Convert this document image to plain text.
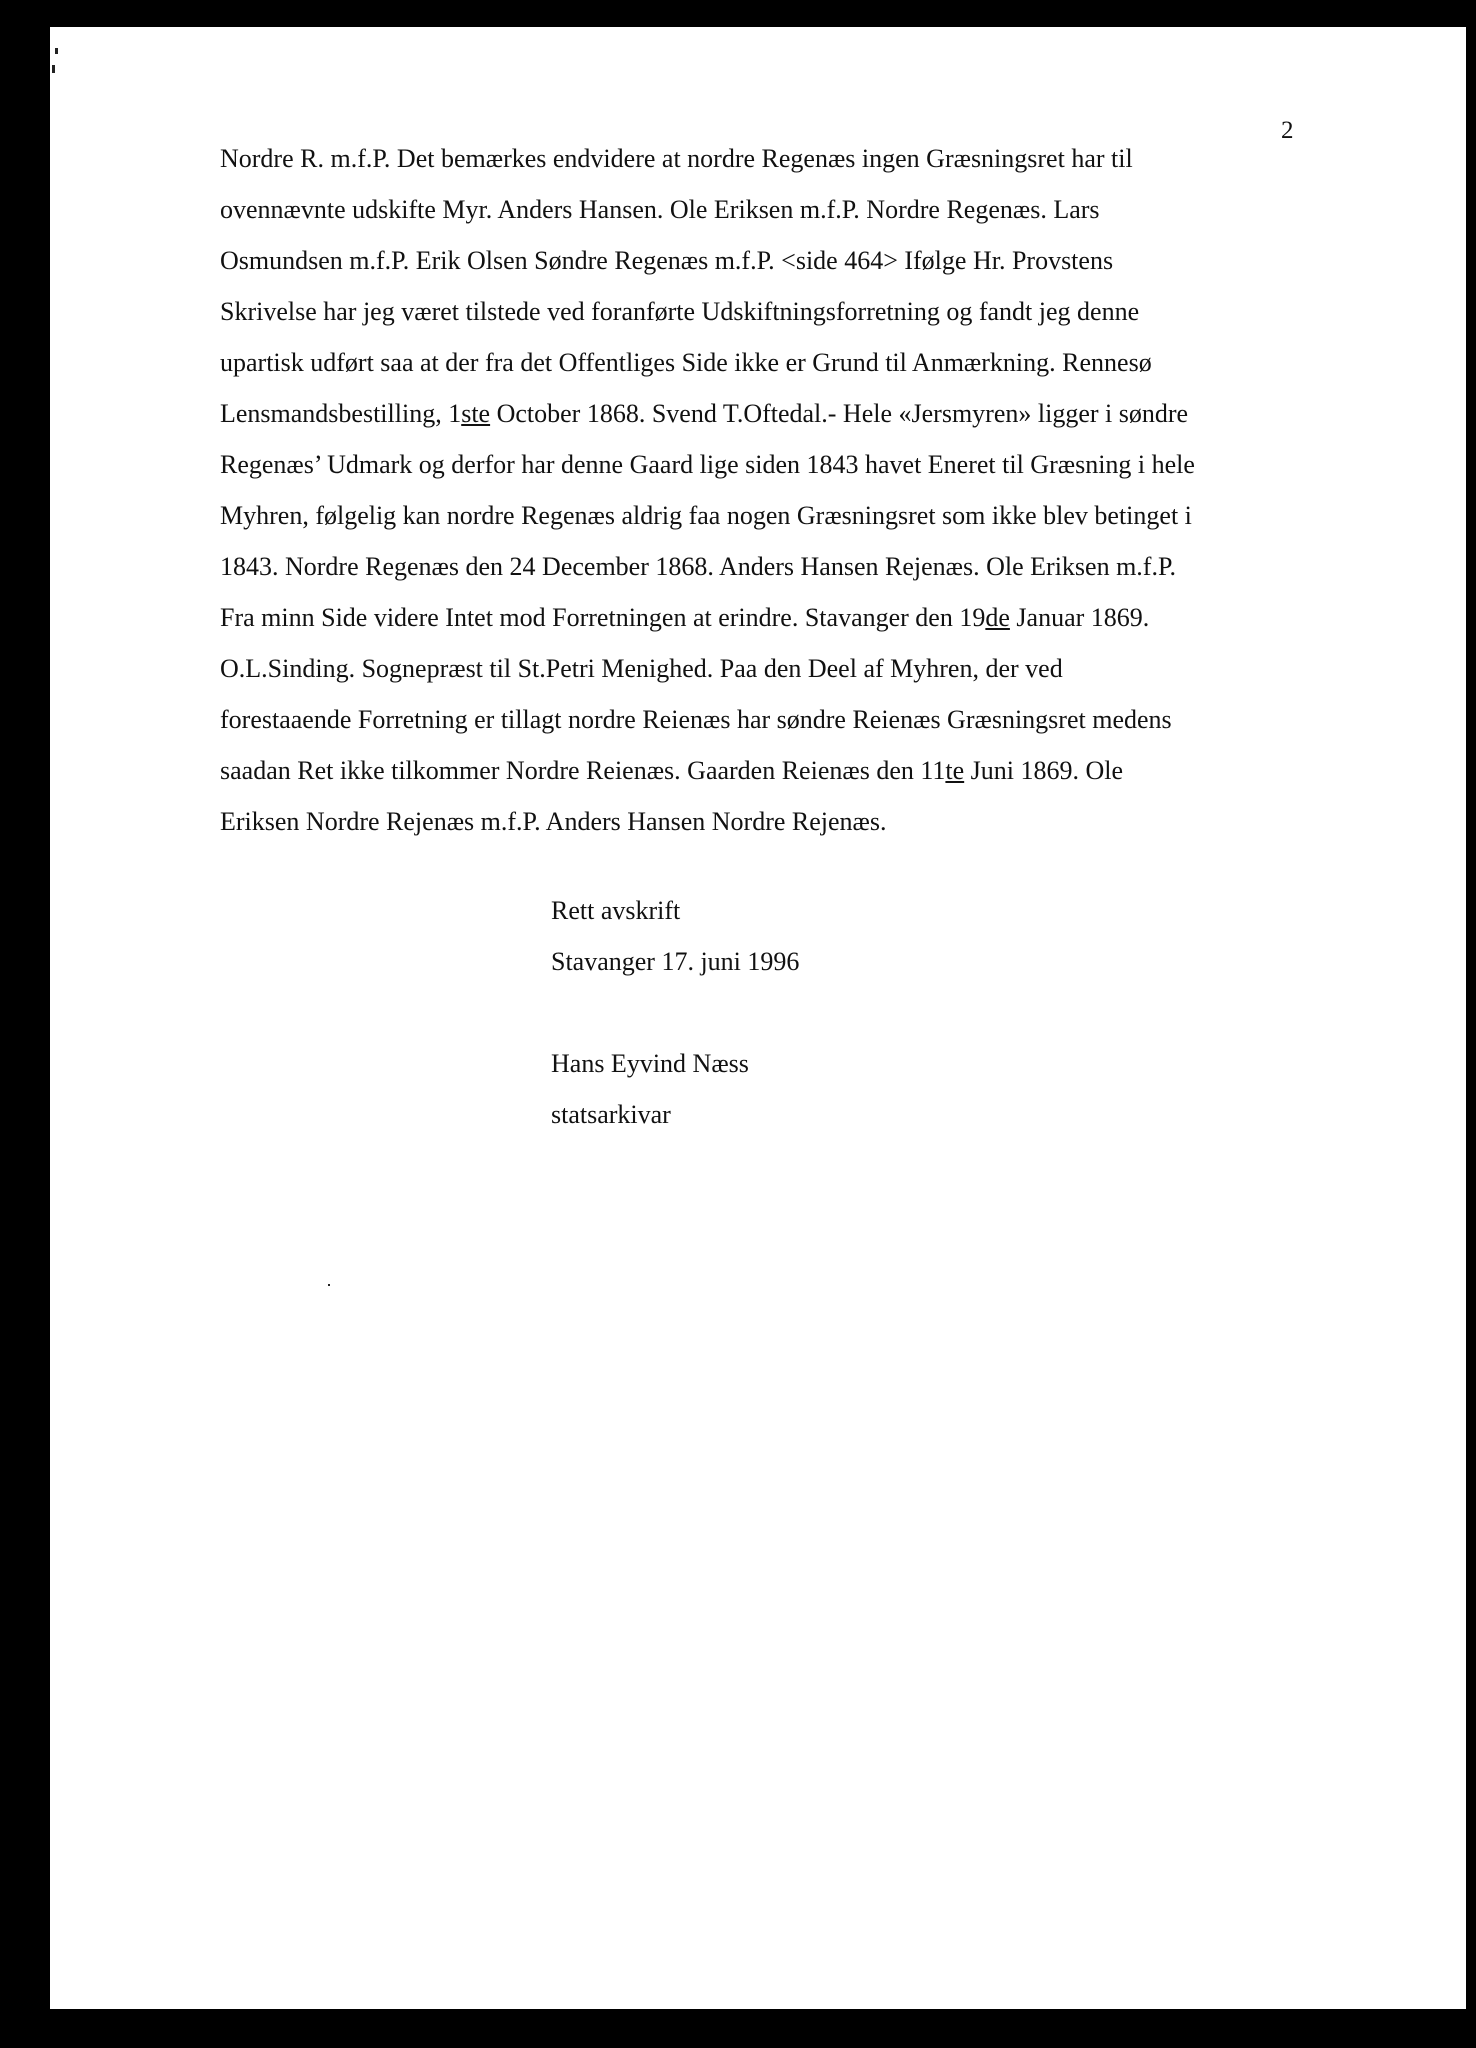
2
Nordre R. m.f.P. Det bemærkes endvidere at nordre Regenæs ingen Græsningsret har til
ovennævnte udskifte Myr. Anders Hansen. Ole Eriksen m.f.P. Nordre Regenæs. Lars
Osmundsen m.f.P. Erik Olsen Søndre Regenæs m.f.P. <side 464> Ifølge Hr. Provstens
Skrivelse har jeg været tilstede ved foranførte Udskiftningsforretning og fandt jeg denne
upartisk udført saa at der fra det Offentliges Side ikke er Grund til Anmærkning. Rennesø
Lensmandsbestilling, 1ste October 1868. Svend T.Oftedal.- Hele «Jersmyren» ligger i søndre
Regenæs’ Udmark og derfor har denne Gaard lige siden 1843 havet Eneret til Græsning i hele
Myhren, følgelig kan nordre Regenæs aldrig faa nogen Græsningsret som ikke blev betinget i
1843. Nordre Regenæs den 24 December 1868. Anders Hansen Rejenæs. Ole Eriksen m.f.P.
Fra minn Side videre Intet mod Forretningen at erindre. Stavanger den 19de Januar 1869.
O.L.Sinding. Sognepræst til St.Petri Menighed. Paa den Deel af Myhren, der ved
forestaaende Forretning er tillagt nordre Reienæs har søndre Reienæs Græsningsret medens
saadan Ret ikke tilkommer Nordre Reienæs. Gaarden Reienæs den 11te Juni 1869. Ole
Eriksen Nordre Rejenæs m.f.P. Anders Hansen Nordre Rejenæs.
Rett avskrift
Stavanger 17. juni 1996
Hans Eyvind Næss
statsarkivar
